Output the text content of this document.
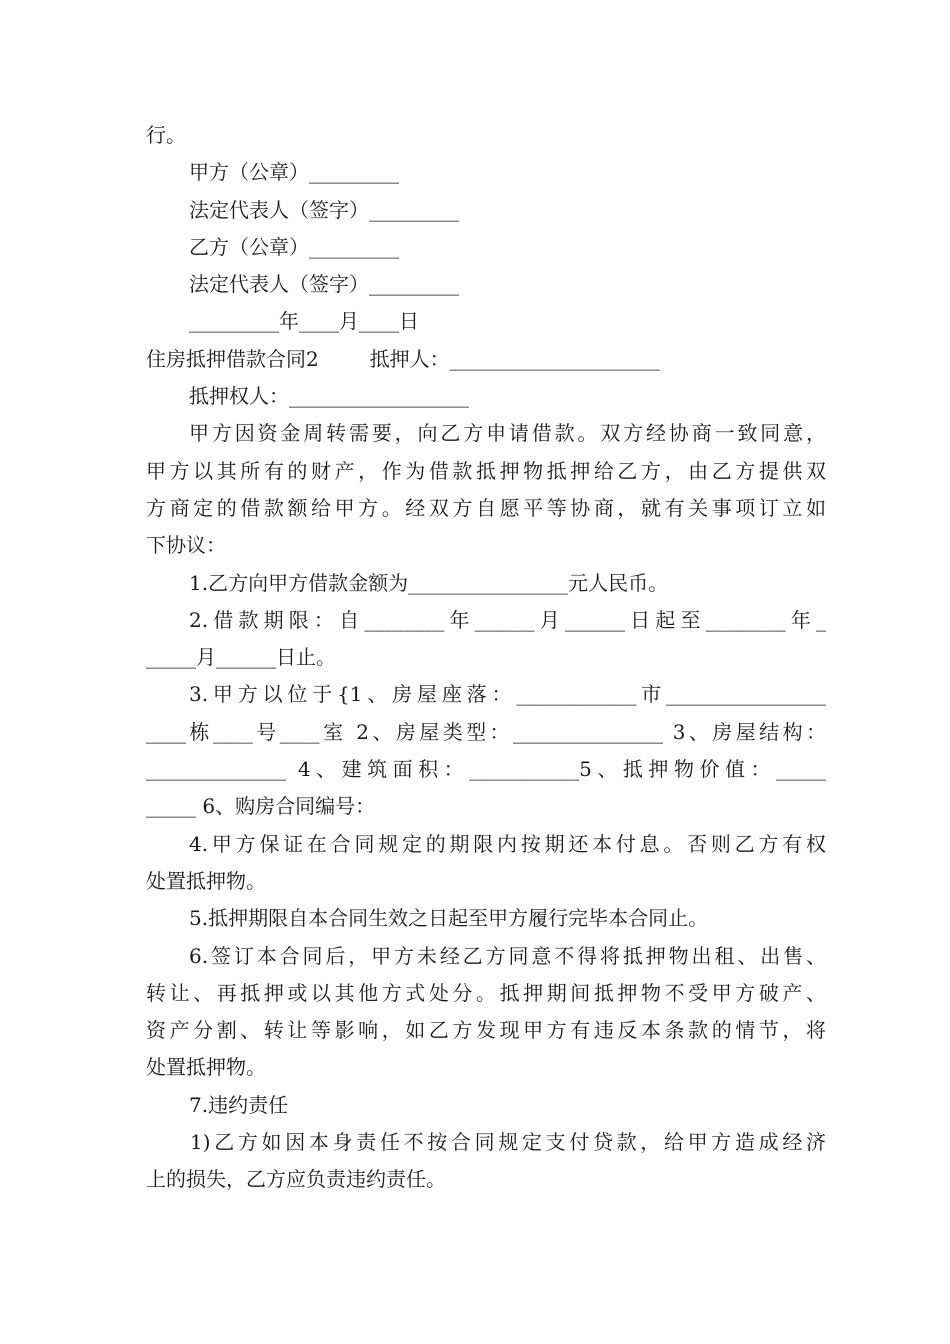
行。
甲方（公章）_________
法定代表人（签字）_________
乙方（公章）_________
法定代表人（签字）_________
_________年____月____日
住房抵押借款合同2        抵押人：_____________________
抵押权人：__________________
甲方因资金周转需要，向乙方申请借款。双方经协商一致同意，
甲方以其所有的财产，作为借款抵押物抵押给乙方，由乙方提供双
方商定的借款额给甲方。经双方自愿平等协商，就有关事项订立如
下协议：
1.乙方向甲方借款金额为________________元人民币。
2.借款期限：自________年______月______日起至________年_
_____月______日止。
3.甲方以位于{1、房屋座落：____________市________________
____栋____号____室 2、房屋类型：_______________ 3、房屋结构：
______________ 4、建筑面积：___________5、抵押物价值：_____
_____ 6、购房合同编号：
4.甲方保证在合同规定的期限内按期还本付息。否则乙方有权
处置抵押物。
5.抵押期限自本合同生效之日起至甲方履行完毕本合同止。
6.签订本合同后，甲方未经乙方同意不得将抵押物出租、出售、
转让、再抵押或以其他方式处分。抵押期间抵押物不受甲方破产、
资产分割、转让等影响，如乙方发现甲方有违反本条款的情节，将
处置抵押物。
7.违约责任
1)乙方如因本身责任不按合同规定支付贷款，给甲方造成经济
上的损失，乙方应负责违约责任。
